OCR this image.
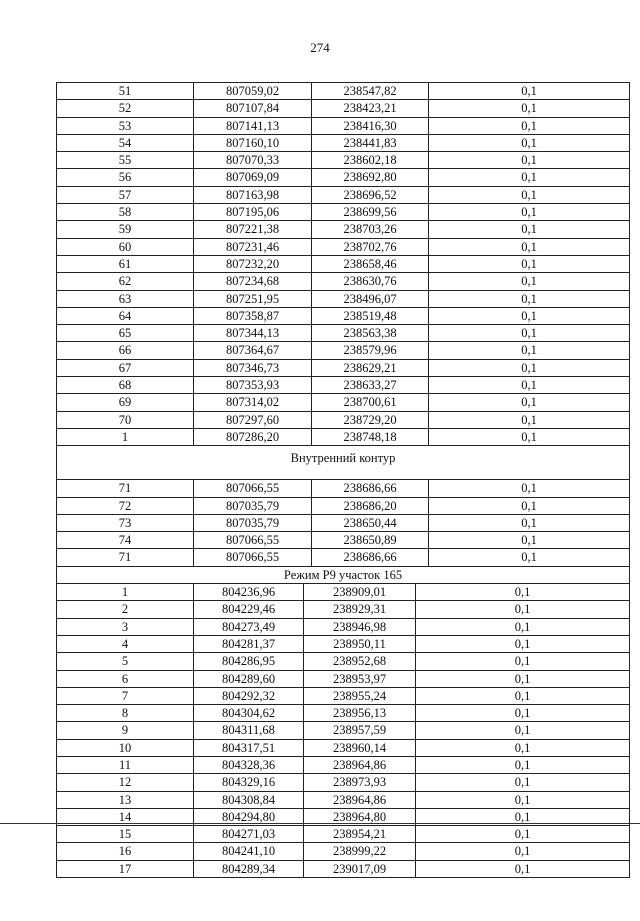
274
51	807059,02	238547,82	0,1
52	807107,84	238423,21	0,1
53	807141,13	238416,30	0,1
54	807160,10	238441,83	0,1
55	807070,33	238602,18	0,1
56	807069,09	238692,80	0,1
57	807163,98	238696,52	0,1
58	807195,06	238699,56	0,1
59	807221,38	238703,26	0,1
60	807231,46	238702,76	0,1
61	807232,20	238658,46	0,1
62	807234,68	238630,76	0,1
63	807251,95	238496,07	0,1
64	807358,87	238519,48	0,1
65	807344,13	238563,38	0,1
66	807364,67	238579,96	0,1
67	807346,73	238629,21	0,1
68	807353,93	238633,27	0,1
69	807314,02	238700,61	0,1
70	807297,60	238729,20	0,1
1	807286,20	238748,18	0,1
Внутренний контур
71	807066,55	238686,66	0,1
72	807035,79	238686,20	0,1
73	807035,79	238650,44	0,1
74	807066,55	238650,89	0,1
71	807066,55	238686,66	0,1
Режим Р9 участок 165
1	804236,96	238909,01	0,1
2	804229,46	238929,31	0,1
3	804273,49	238946,98	0,1
4	804281,37	238950,11	0,1
5	804286,95	238952,68	0,1
6	804289,60	238953,97	0,1
7	804292,32	238955,24	0,1
8	804304,62	238956,13	0,1
9	804311,68	238957,59	0,1
10	804317,51	238960,14	0,1
11	804328,36	238964,86	0,1
12	804329,16	238973,93	0,1
13	804308,84	238964,86	0,1
14	804294,80	238964,80	0,1
15	804271,03	238954,21	0,1
16	804241,10	238999,22	0,1
17	804289,34	239017,09	0,1
